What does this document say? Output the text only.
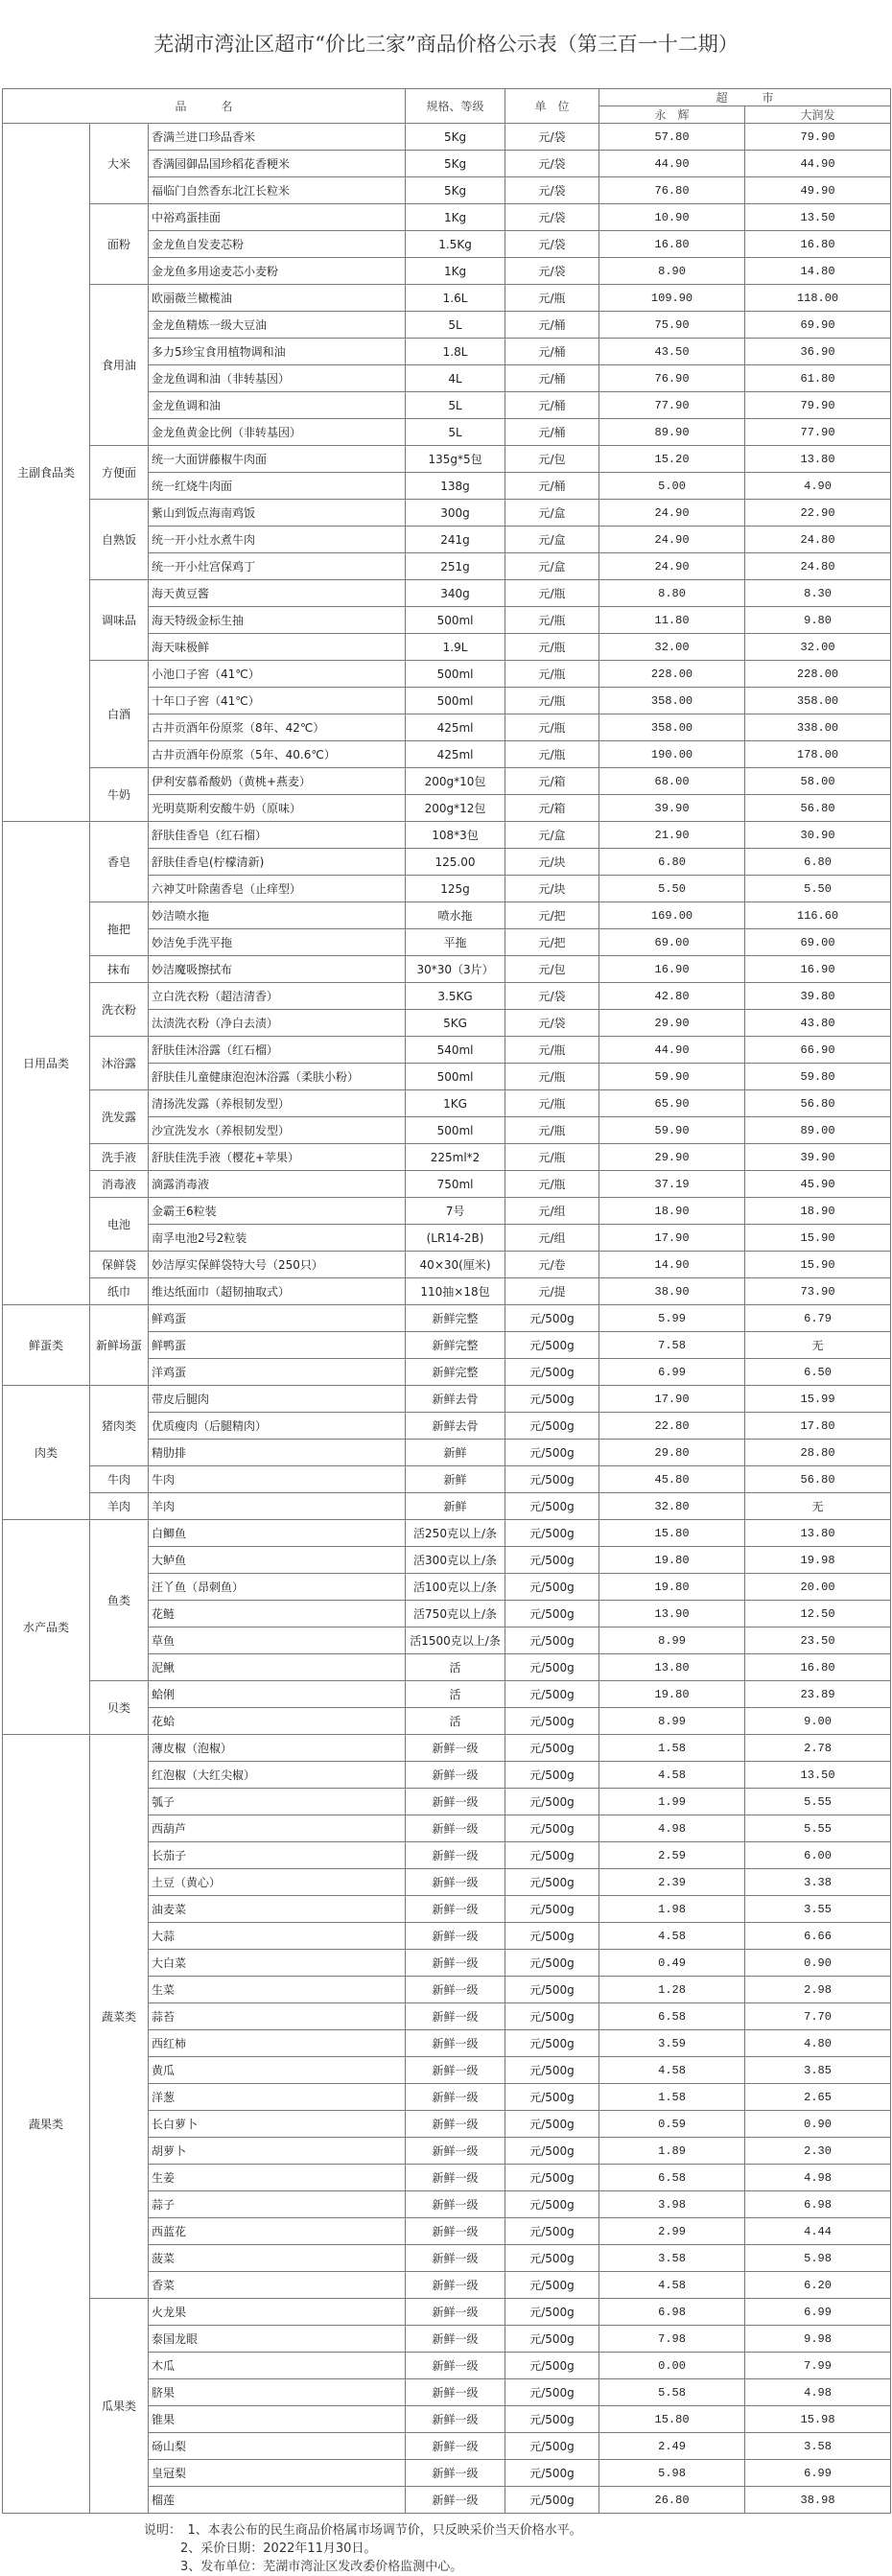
芜湖市湾沚区超市“价比三家”商品价格公示表（第三百一十二期）
品　　　名			规格、等级	单　位	超　　　市	
					永　辉	大润发
主副食品类	大米	香满兰进口珍品香米	5Kg	元/袋	57.80	79.90
		香满园御品国珍稻花香粳米	5Kg	元/袋	44.90	44.90
		福临门自然香东北江长粒米	5Kg	元/袋	76.80	49.90
	面粉	中裕鸡蛋挂面	1Kg	元/袋	10.90	13.50
		金龙鱼自发麦芯粉	1.5Kg	元/袋	16.80	16.80
		金龙鱼多用途麦芯小麦粉	1Kg	元/袋	8.90	14.80
	食用油	欧丽薇兰橄榄油	1.6L	元/瓶	109.90	118.00
		金龙鱼精炼一级大豆油	5L	元/桶	75.90	69.90
		多力5珍宝食用植物调和油	1.8L	元/桶	43.50	36.90
		金龙鱼调和油（非转基因）	4L	元/桶	76.90	61.80
		金龙鱼调和油	5L	元/桶	77.90	79.90
		金龙鱼黄金比例（非转基因）	5L	元/桶	89.90	77.90
	方便面	统一大面饼藤椒牛肉面	135g*5包	元/包	15.20	13.80
		统一红烧牛肉面	138g	元/桶	5.00	4.90
	自熟饭	紫山到饭点海南鸡饭	300g	元/盒	24.90	22.90
		统一开小灶水煮牛肉	241g	元/盒	24.90	24.80
		统一开小灶宫保鸡丁	251g	元/盒	24.90	24.80
	调味品	海天黄豆酱	340g	元/瓶	8.80	8.30
		海天特级金标生抽	500ml	元/瓶	11.80	9.80
		海天味极鲜	1.9L	元/瓶	32.00	32.00
	白酒	小池口子窖（41℃）	500ml	元/瓶	228.00	228.00
		十年口子窖（41℃）	500ml	元/瓶	358.00	358.00
		古井贡酒年份原浆（8年、42℃）	425ml	元/瓶	358.00	338.00
		古井贡酒年份原浆（5年、40.6℃）	425ml	元/瓶	190.00	178.00
	牛奶	伊利安慕希酸奶（黄桃+燕麦）	200g*10包	元/箱	68.00	58.00
		光明莫斯利安酸牛奶（原味）	200g*12包	元/箱	39.90	56.80
日用品类	香皂	舒肤佳香皂（红石榴）	108*3包	元/盒	21.90	30.90
		舒肤佳香皂(柠檬清新)	125.00	元/块	6.80	6.80
		六神艾叶除菌香皂（止痒型）	125g	元/块	5.50	5.50
	拖把	妙洁喷水拖	喷水拖	元/把	169.00	116.60
		妙洁免手洗平拖	平拖	元/把	69.00	69.00
	抹布	妙洁魔吸擦拭布	30*30（3片）	元/包	16.90	16.90
	洗衣粉	立白洗衣粉（超洁清香）	3.5KG	元/袋	42.80	39.80
		汰渍洗衣粉（净白去渍）	5KG	元/袋	29.90	43.80
	沐浴露	舒肤佳沐浴露（红石榴）	540ml	元/瓶	44.90	66.90
		舒肤佳儿童健康泡泡沐浴露（柔肤小粉）	500ml	元/瓶	59.90	59.80
	洗发露	清扬洗发露（养根韧发型）	1KG	元/瓶	65.90	56.80
		沙宣洗发水（养根韧发型）	500ml	元/瓶	59.90	89.00
	洗手液	舒肤佳洗手液（樱花+苹果）	225ml*2	元/瓶	29.90	39.90
	消毒液	滴露消毒液	750ml	元/瓶	37.19	45.90
	电池	金霸王6粒装	7号	元/组	18.90	18.90
		南孚电池2号2粒装	(LR14-2B)	元/组	17.90	15.90
	保鲜袋	妙洁厚实保鲜袋特大号（250只）	40×30(厘米)	元/卷	14.90	15.90
	纸巾	维达纸面巾（超韧抽取式）	110抽×18包	元/提	38.90	73.90
鲜蛋类	新鲜场蛋	鲜鸡蛋	新鲜完整	元/500g	5.99	6.79
		鲜鸭蛋	新鲜完整	元/500g	7.58	无
		洋鸡蛋	新鲜完整	元/500g	6.99	6.50
肉类	猪肉类	带皮后腿肉	新鲜去骨	元/500g	17.90	15.99
		优质瘦肉（后腿精肉）	新鲜去骨	元/500g	22.80	17.80
		精肋排	新鲜	元/500g	29.80	28.80
	牛肉	牛肉	新鲜	元/500g	45.80	56.80
	羊肉	羊肉	新鲜	元/500g	32.80	无
水产品类	鱼类	白鲫鱼	活250克以上/条	元/500g	15.80	13.80
		大鲈鱼	活300克以上/条	元/500g	19.80	19.98
		汪丫鱼（昂刺鱼）	活100克以上/条	元/500g	19.80	20.00
		花鲢	活750克以上/条	元/500g	13.90	12.50
		草鱼	活1500克以上/条	元/500g	8.99	23.50
		泥鳅	活	元/500g	13.80	16.80
	贝类	蛤俐	活	元/500g	19.80	23.89
		花蛤	活	元/500g	8.99	9.00
蔬果类	蔬菜类	薄皮椒（泡椒）	新鲜一级	元/500g	1.58	2.78
		红泡椒（大红尖椒）	新鲜一级	元/500g	4.58	13.50
		瓠子	新鲜一级	元/500g	1.99	5.55
		西葫芦	新鲜一级	元/500g	4.98	5.55
		长茄子	新鲜一级	元/500g	2.59	6.00
		土豆（黄心）	新鲜一级	元/500g	2.39	3.38
		油麦菜	新鲜一级	元/500g	1.98	3.55
		大蒜	新鲜一级	元/500g	4.58	6.66
		大白菜	新鲜一级	元/500g	0.49	0.90
		生菜	新鲜一级	元/500g	1.28	2.98
		蒜苔	新鲜一级	元/500g	6.58	7.70
		西红柿	新鲜一级	元/500g	3.59	4.80
		黄瓜	新鲜一级	元/500g	4.58	3.85
		洋葱	新鲜一级	元/500g	1.58	2.65
		长白萝卜	新鲜一级	元/500g	0.59	0.90
		胡萝卜	新鲜一级	元/500g	1.89	2.30
		生姜	新鲜一级	元/500g	6.58	4.98
		蒜子	新鲜一级	元/500g	3.98	6.98
		西蓝花	新鲜一级	元/500g	2.99	4.44
		菠菜	新鲜一级	元/500g	3.58	5.98
		香菜	新鲜一级	元/500g	4.58	6.20
	瓜果类	火龙果	新鲜一级	元/500g	6.98	6.99
		泰国龙眼	新鲜一级	元/500g	7.98	9.98
		木瓜	新鲜一级	元/500g	0.00	7.99
		脐果	新鲜一级	元/500g	5.58	4.98
		锥果	新鲜一级	元/500g	15.80	15.98
		砀山梨	新鲜一级	元/500g	2.49	3.58
		皇冠梨	新鲜一级	元/500g	5.98	6.99
		榴莲	新鲜一级	元/500g	26.80	38.98
说明：　1、本表公布的民生商品价格属市场调节价，只反映采价当天价格水平。
2、采价日期：2022年11月30日。
3、发布单位：芜湖市湾沚区发改委价格监测中心。
